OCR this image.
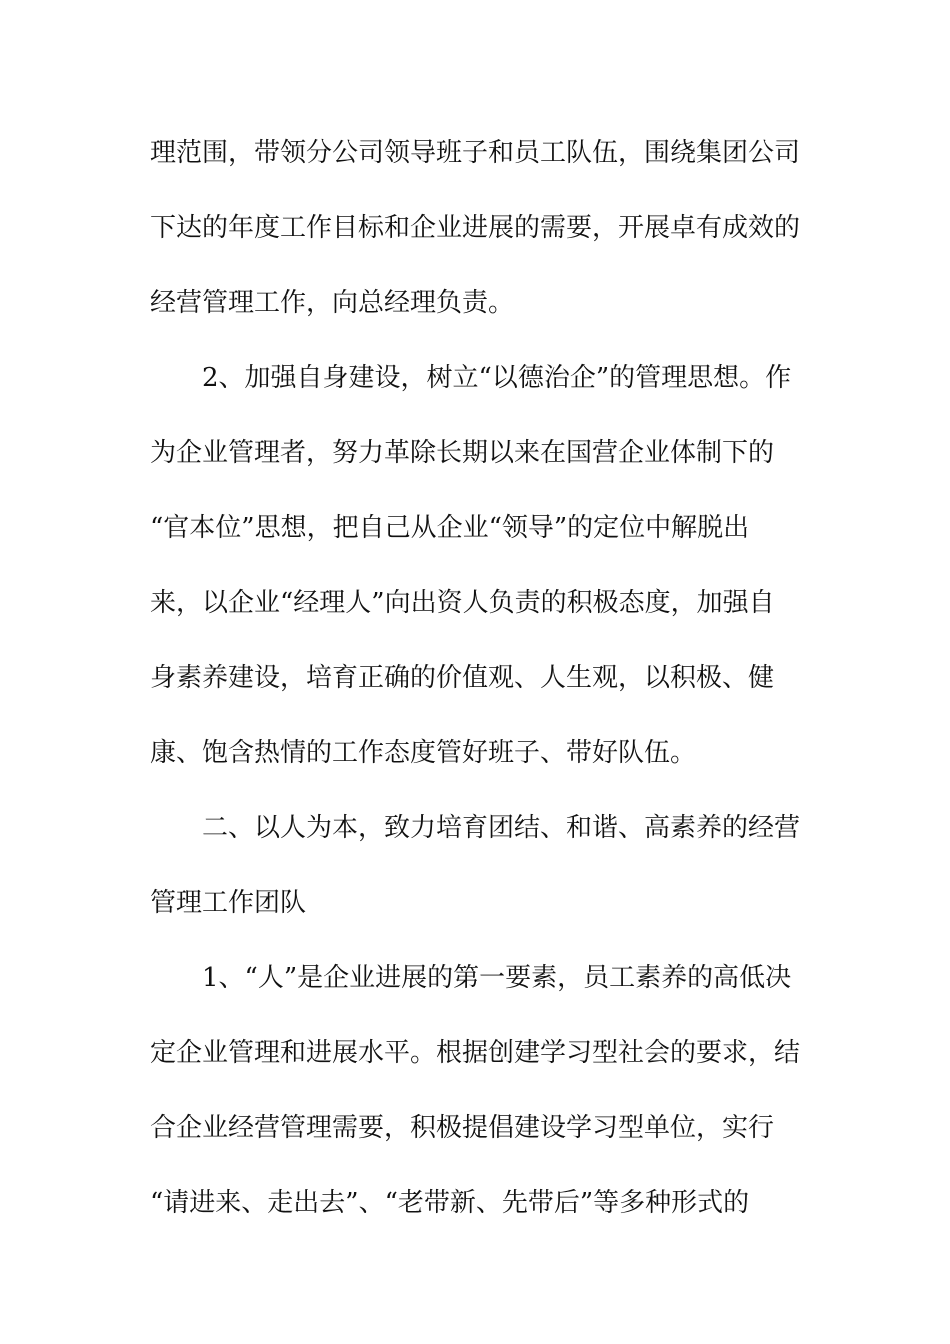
理范围，带领分公司领导班子和员工队伍，围绕集团公司
下达的年度工作目标和企业进展的需要，开展卓有成效的
经营管理工作，向总经理负责。
2、加强自身建设，树立“以德治企”的管理思想。作
为企业管理者，努力革除长期以来在国营企业体制下的
“官本位”思想，把自己从企业“领导”的定位中解脱出
来，以企业“经理人”向出资人负责的积极态度，加强自
身素养建设，培育正确的价值观、人生观，以积极、健
康、饱含热情的工作态度管好班子、带好队伍。
二、以人为本，致力培育团结、和谐、高素养的经营
管理工作团队
1、“人”是企业进展的第一要素，员工素养的高低决
定企业管理和进展水平。根据创建学习型社会的要求，结
合企业经营管理需要，积极提倡建设学习型单位，实行
“请进来、走出去”、“老带新、先带后”等多种形式的
